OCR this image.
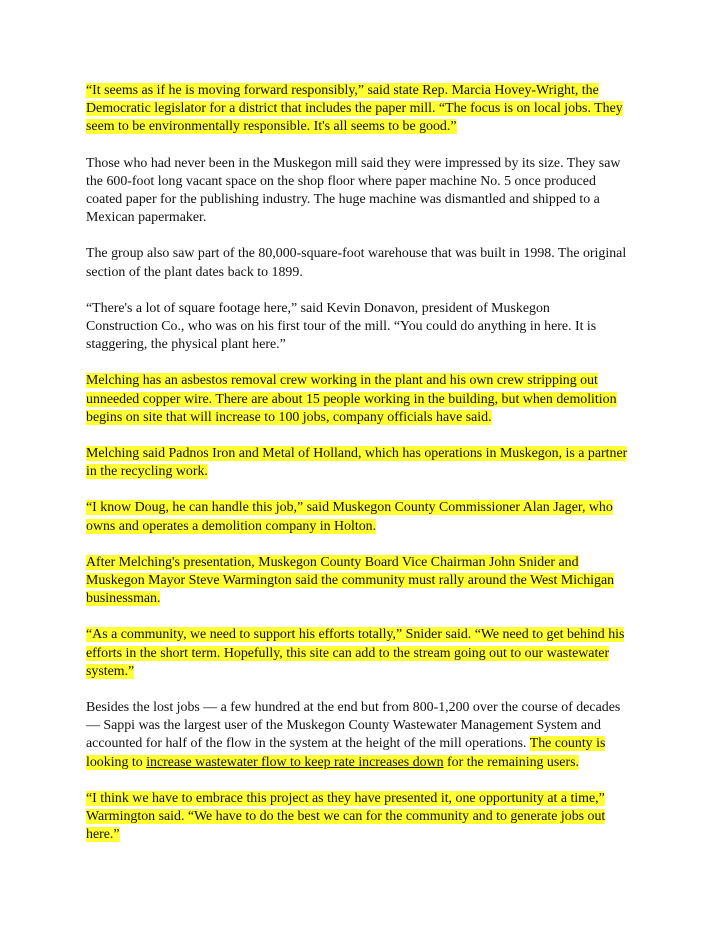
“It seems as if he is moving forward responsibly,” said state Rep. Marcia Hovey-Wright, the
Democratic legislator for a district that includes the paper mill. “The focus is on local jobs. They
seem to be environmentally responsible. It's all seems to be good.”
Those who had never been in the Muskegon mill said they were impressed by its size. They saw
the 600-foot long vacant space on the shop floor where paper machine No. 5 once produced
coated paper for the publishing industry. The huge machine was dismantled and shipped to a
Mexican papermaker.
The group also saw part of the 80,000-square-foot warehouse that was built in 1998. The original
section of the plant dates back to 1899.
“There's a lot of square footage here,” said Kevin Donavon, president of Muskegon
Construction Co., who was on his first tour of the mill. “You could do anything in here. It is
staggering, the physical plant here.”
Melching has an asbestos removal crew working in the plant and his own crew stripping out
unneeded copper wire. There are about 15 people working in the building, but when demolition
begins on site that will increase to 100 jobs, company officials have said.
Melching said Padnos Iron and Metal of Holland, which has operations in Muskegon, is a partner
in the recycling work.
“I know Doug, he can handle this job,” said Muskegon County Commissioner Alan Jager, who
owns and operates a demolition company in Holton.
After Melching's presentation, Muskegon County Board Vice Chairman John Snider and
Muskegon Mayor Steve Warmington said the community must rally around the West Michigan
businessman.
“As a community, we need to support his efforts totally,” Snider said. “We need to get behind his
efforts in the short term. Hopefully, this site can add to the stream going out to our wastewater
system.”
Besides the lost jobs — a few hundred at the end but from 800-1,200 over the course of decades
— Sappi was the largest user of the Muskegon County Wastewater Management System and
accounted for half of the flow in the system at the height of the mill operations. The county is
looking to increase wastewater flow to keep rate increases down for the remaining users.
“I think we have to embrace this project as they have presented it, one opportunity at a time,”
Warmington said. “We have to do the best we can for the community and to generate jobs out
here.”
